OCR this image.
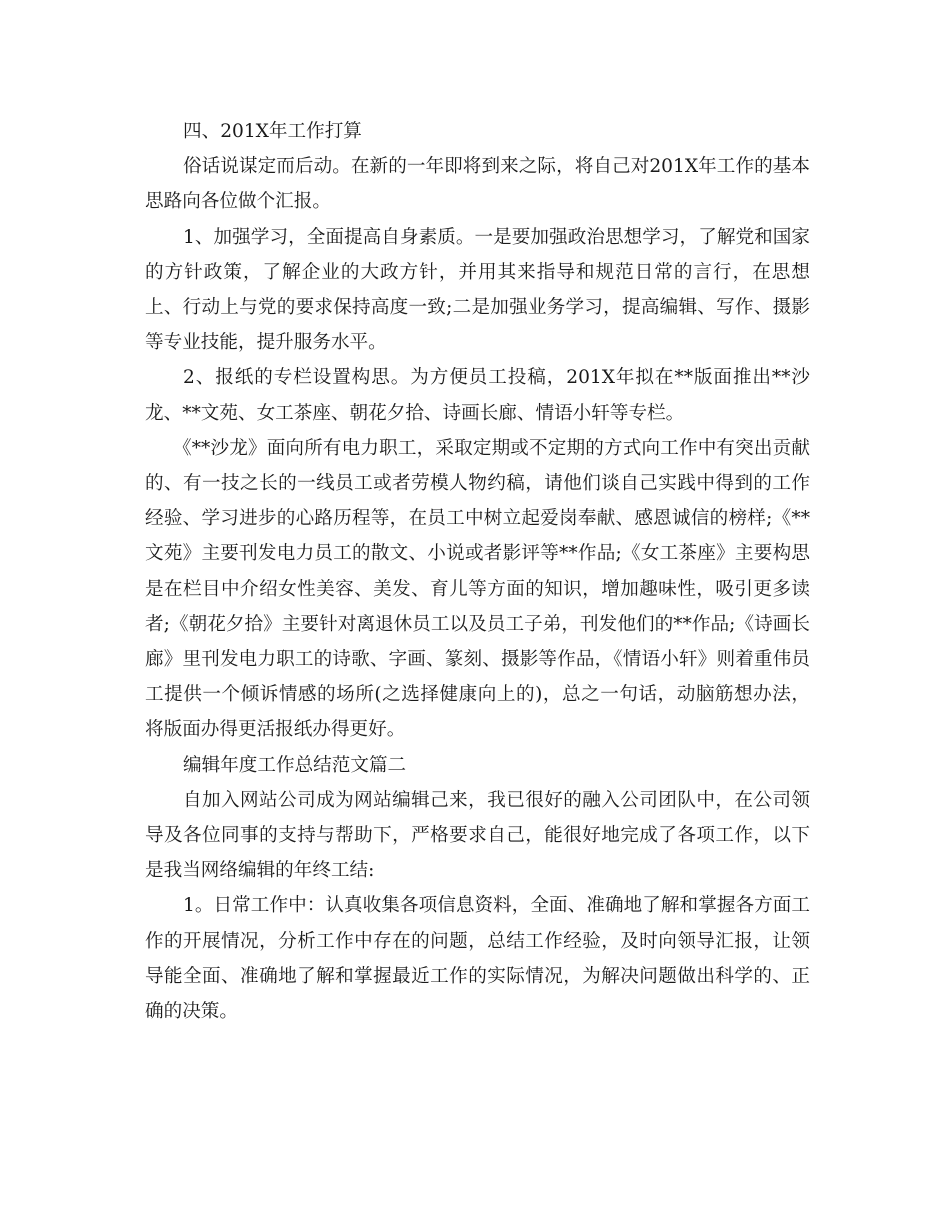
四、201X年工作打算

俗话说谋定而后动。在新的一年即将到来之际，将自己对201X年工作的基本思路向各位做个汇报。

1、加强学习，全面提高自身素质。一是要加强政治思想学习，了解党和国家的方针政策，了解企业的大政方针，并用其来指导和规范日常的言行，在思想上、行动上与党的要求保持高度一致;二是加强业务学习，提高编辑、写作、摄影等专业技能，提升服务水平。

2、报纸的专栏设置构思。为方便员工投稿，201X年拟在**版面推出**沙龙、**文苑、女工茶座、朝花夕拾、诗画长廊、情语小轩等专栏。

《**沙龙》面向所有电力职工，采取定期或不定期的方式向工作中有突出贡献的、有一技之长的一线员工或者劳模人物约稿，请他们谈自己实践中得到的工作经验、学习进步的心路历程等，在员工中树立起爱岗奉献、感恩诚信的榜样;《**文苑》主要刊发电力员工的散文、小说或者影评等**作品;《女工茶座》主要构思是在栏目中介绍女性美容、美发、育儿等方面的知识，增加趣味性，吸引更多读者;《朝花夕拾》主要针对离退休员工以及员工子弟，刊发他们的**作品;《诗画长廊》里刊发电力职工的诗歌、字画、篆刻、摄影等作品，《情语小轩》则着重伟员工提供一个倾诉情感的场所(之选择健康向上的)，总之一句话，动脑筋想办法，将版面办得更活报纸办得更好。

编辑年度工作总结范文篇二

自加入网站公司成为网站编辑己来，我已很好的融入公司团队中，在公司领导及各位同事的支持与帮助下，严格要求自己，能很好地完成了各项工作，以下是我当网络编辑的年终工结:

1。日常工作中：认真收集各项信息资料，全面、准确地了解和掌握各方面工作的开展情况，分析工作中存在的问题，总结工作经验，及时向领导汇报，让领导能全面、准确地了解和掌握最近工作的实际情况，为解决问题做出科学的、正确的决策。
